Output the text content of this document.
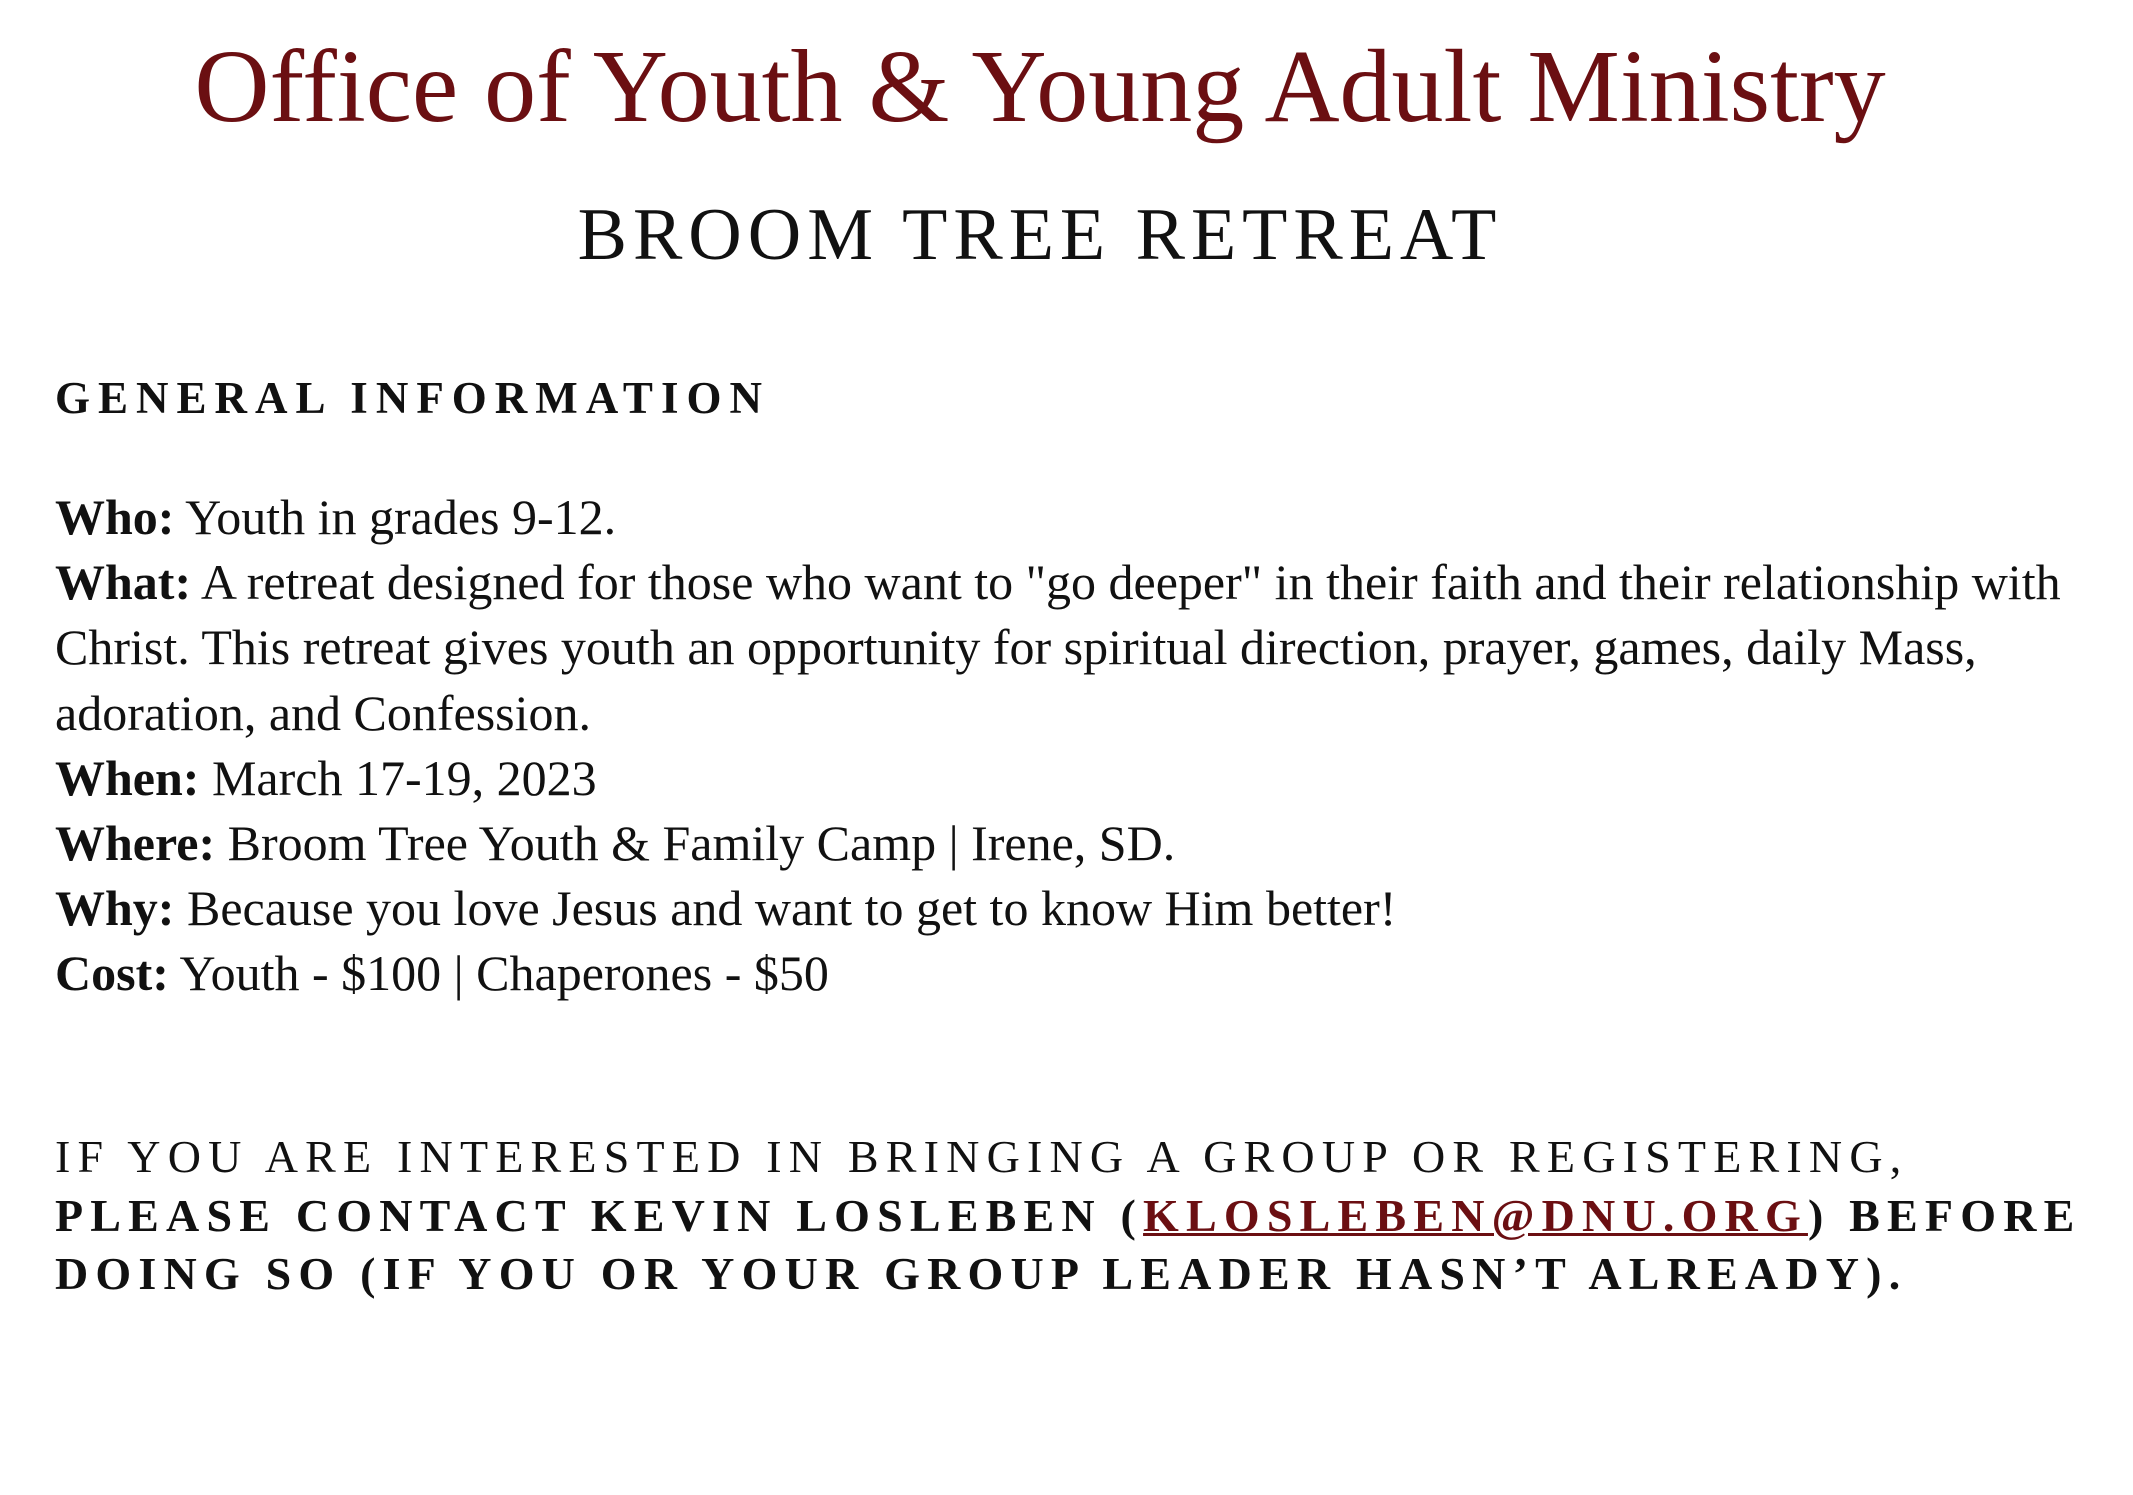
Office of Youth & Young Adult Ministry
BROOM TREE RETREAT
GENERAL INFORMATION

Who: Youth in grades 9-12.

What: A retreat designed for those who want to "go deeper" in their faith and their relationship with Christ. This retreat gives youth an opportunity for spiritual direction, prayer, games, daily Mass, adoration, and Confession.

When: March 17-19, 2023

Where: Broom Tree Youth & Family Camp | Irene, SD.

Why: Because you love Jesus and want to get to know Him better!

Cost: Youth - $100 | Chaperones - $50

IF YOU ARE INTERESTED IN BRINGING A GROUP OR REGISTERING,
PLEASE CONTACT KEVIN LOSLEBEN (KLOSLEBEN@DNU.ORG) BEFORE DOING SO (IF YOU OR YOUR GROUP LEADER HASN’T ALREADY).
